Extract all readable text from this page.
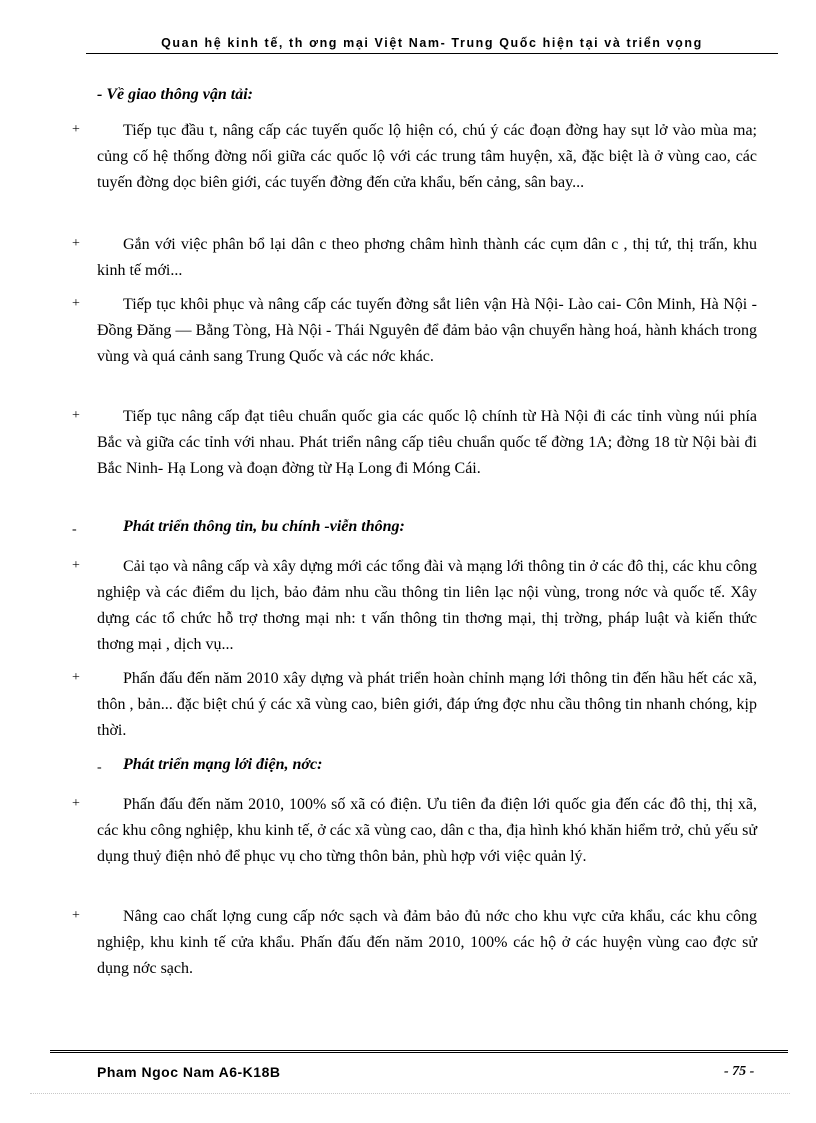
Quan hệ kinh tế, th ơng mại Việt Nam- Trung Quốc hiện tại và triển vọng
- Về giao thông vận tải:
+	Tiếp tục đầu t, nâng cấp các tuyến quốc lộ hiện có, chú ý các đoạn đờng hay sụt lở vào mùa ma; củng cố hệ thống đờng nối giữa các quốc lộ với các trung tâm huyện, xã, đặc biệt là ở vùng cao, các tuyến đờng dọc biên giới, các tuyến đờng đến cửa khẩu, bến cảng, sân bay...
+	Gắn với việc phân bổ lại dân c theo phơng châm hình thành các cụm dân c , thị tứ, thị trấn, khu kinh tế mới...
+	Tiếp tục khôi phục và nâng cấp các tuyến đờng sắt liên vận Hà Nội- Lào cai- Côn Minh, Hà Nội - Đồng Đăng — Bằng Tòng, Hà Nội - Thái Nguyên để đảm bảo vận chuyển hàng hoá, hành khách trong vùng và quá cảnh sang Trung Quốc và các nớc khác.
+	Tiếp tục nâng cấp đạt tiêu chuẩn quốc gia các quốc lộ chính từ Hà Nội đi các tỉnh vùng núi phía Bắc và giữa các tỉnh với nhau. Phát triển nâng cấp tiêu chuẩn quốc tế đờng 1A; đờng 18 từ Nội bài đi Bắc Ninh- Hạ Long và đoạn đờng từ Hạ Long đi Móng Cái.
-	Phát triển thông tin, bu chính -viễn thông:
+	Cải tạo và nâng cấp và xây dựng mới các tổng đài và mạng lới thông tin ở các đô thị, các khu công nghiệp và các điểm du lịch, bảo đảm nhu cầu thông tin liên lạc nội vùng, trong nớc và quốc tế. Xây dựng các tổ chức hỗ trợ thơng mại nh: t vấn thông tin thơng mại, thị trờng, pháp luật và kiến thức thơng mại , dịch vụ...
+	Phấn đấu đến năm 2010 xây dựng và phát triển hoàn chỉnh mạng lới thông tin đến hầu hết các xã, thôn , bản... đặc biệt chú ý các xã vùng cao, biên giới, đáp ứng đợc nhu cầu thông tin nhanh chóng, kịp thời.
- Phát triển mạng lới điện, nớc:
+	Phấn đấu đến năm 2010, 100% số xã có điện. Ưu tiên đa điện lới quốc gia đến các đô thị, thị xã, các khu công nghiệp, khu kinh tế, ở các xã vùng cao, dân c tha, địa hình khó khăn hiểm trở, chủ yếu sử dụng thuỷ điện nhỏ để phục vụ cho từng thôn bản, phù hợp với việc quản lý.
+	Nâng cao chất lợng cung cấp nớc sạch và đảm bảo đủ nớc cho khu vực cửa khẩu, các khu công nghiệp, khu kinh tế cửa khẩu. Phấn đấu đến năm 2010, 100% các hộ ở các huyện vùng cao đợc sử dụng nớc sạch.
Pham Ngoc Nam A6-K18B	- 75 -
